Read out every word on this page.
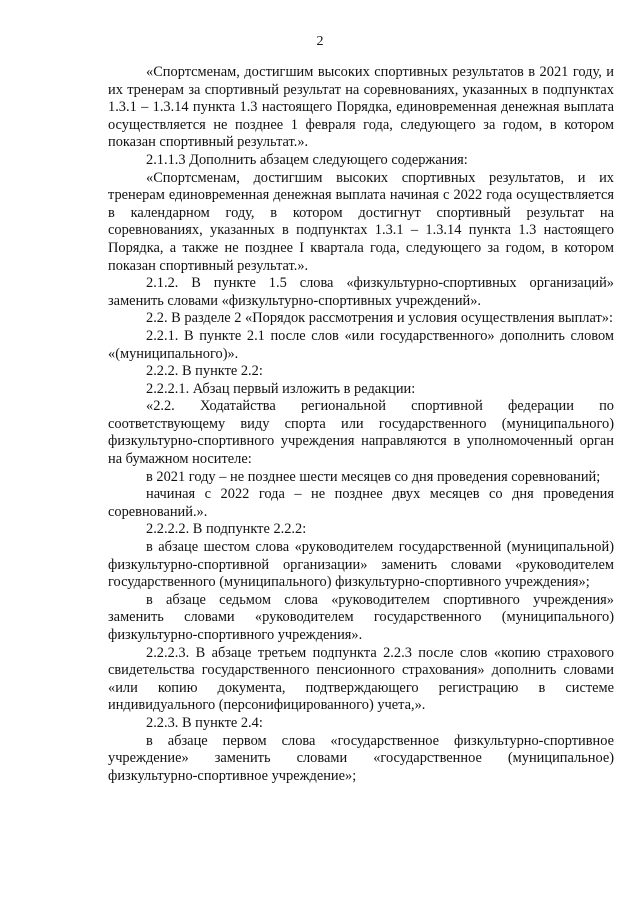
2

«Спортсменам, достигшим высоких спортивных результатов в 2021 году, и их тренерам за спортивный результат на соревнованиях, указанных в подпунктах 1.3.1 – 1.3.14 пункта 1.3 настоящего Порядка, единовременная денежная выплата осуществляется не позднее 1 февраля года, следующего за годом, в котором показан спортивный результат.».

2.1.1.3 Дополнить абзацем следующего содержания:

«Спортсменам, достигшим высоких спортивных результатов, и их тренерам единовременная денежная выплата начиная с 2022 года осуществляется в календарном году, в котором достигнут спортивный результат на соревнованиях, указанных в подпунктах 1.3.1 – 1.3.14 пункта 1.3 настоящего Порядка, а также не позднее I квартала года, следующего за годом, в котором показан спортивный результат.».

2.1.2. В пункте 1.5 слова «физкультурно-спортивных организаций» заменить словами «физкультурно-спортивных учреждений».

2.2. В разделе 2 «Порядок рассмотрения и условия осуществления выплат»:

2.2.1. В пункте 2.1 после слов «или государственного» дополнить словом «(муниципального)».

2.2.2. В пункте 2.2:

2.2.2.1. Абзац первый изложить в редакции:

«2.2. Ходатайства региональной спортивной федерации по соответствующему виду спорта или государственного (муниципального) физкультурно-спортивного учреждения направляются в уполномоченный орган на бумажном носителе:

в 2021 году – не позднее шести месяцев со дня проведения соревнований;

начиная с 2022 года – не позднее двух месяцев со дня проведения соревнований.».

2.2.2.2. В подпункте 2.2.2:

в абзаце шестом слова «руководителем государственной (муниципальной) физкультурно-спортивной организации» заменить словами «руководителем государственного (муниципального) физкультурно-спортивного учреждения»;

в абзаце седьмом слова «руководителем спортивного учреждения» заменить словами «руководителем государственного (муниципального) физкультурно-спортивного учреждения».

2.2.2.3. В абзаце третьем подпункта 2.2.3 после слов «копию страхового свидетельства государственного пенсионного страхования» дополнить словами «или копию документа, подтверждающего регистрацию в системе индивидуального (персонифицированного) учета,».

2.2.3. В пункте 2.4:

в абзаце первом слова «государственное физкультурно-спортивное учреждение» заменить словами «государственное (муниципальное) физкультурно-спортивное учреждение»;
